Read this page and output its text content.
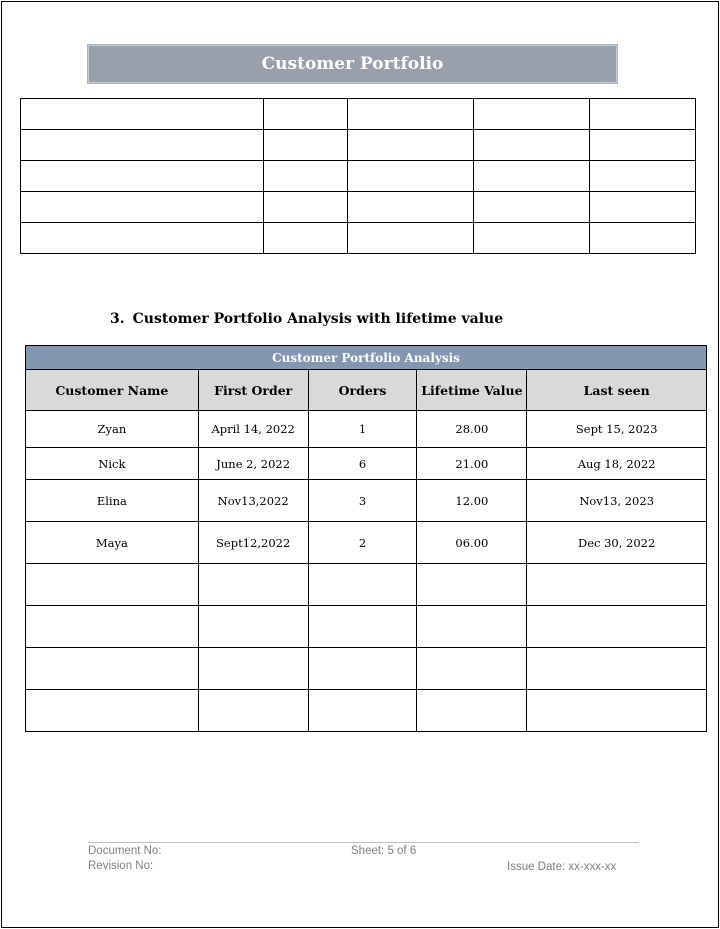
Customer Portfolio

3. Customer Portfolio Analysis with lifetime value
Customer Portfolio Analysis				
Customer Name	First Order	Orders	Lifetime Value	Last seen
Zyan	April 14, 2022	1	28.00	Sept 15, 2023
Nick	June 2, 2022	6	21.00	Aug 18, 2022
Elina	Nov13,2022	3	12.00	Nov13, 2023
Maya	Sept12,2022	2	06.00	Dec 30, 2022

Document No:
Revision No:
Sheet: 5 of 6
Issue Date: xx-xxx-xx
